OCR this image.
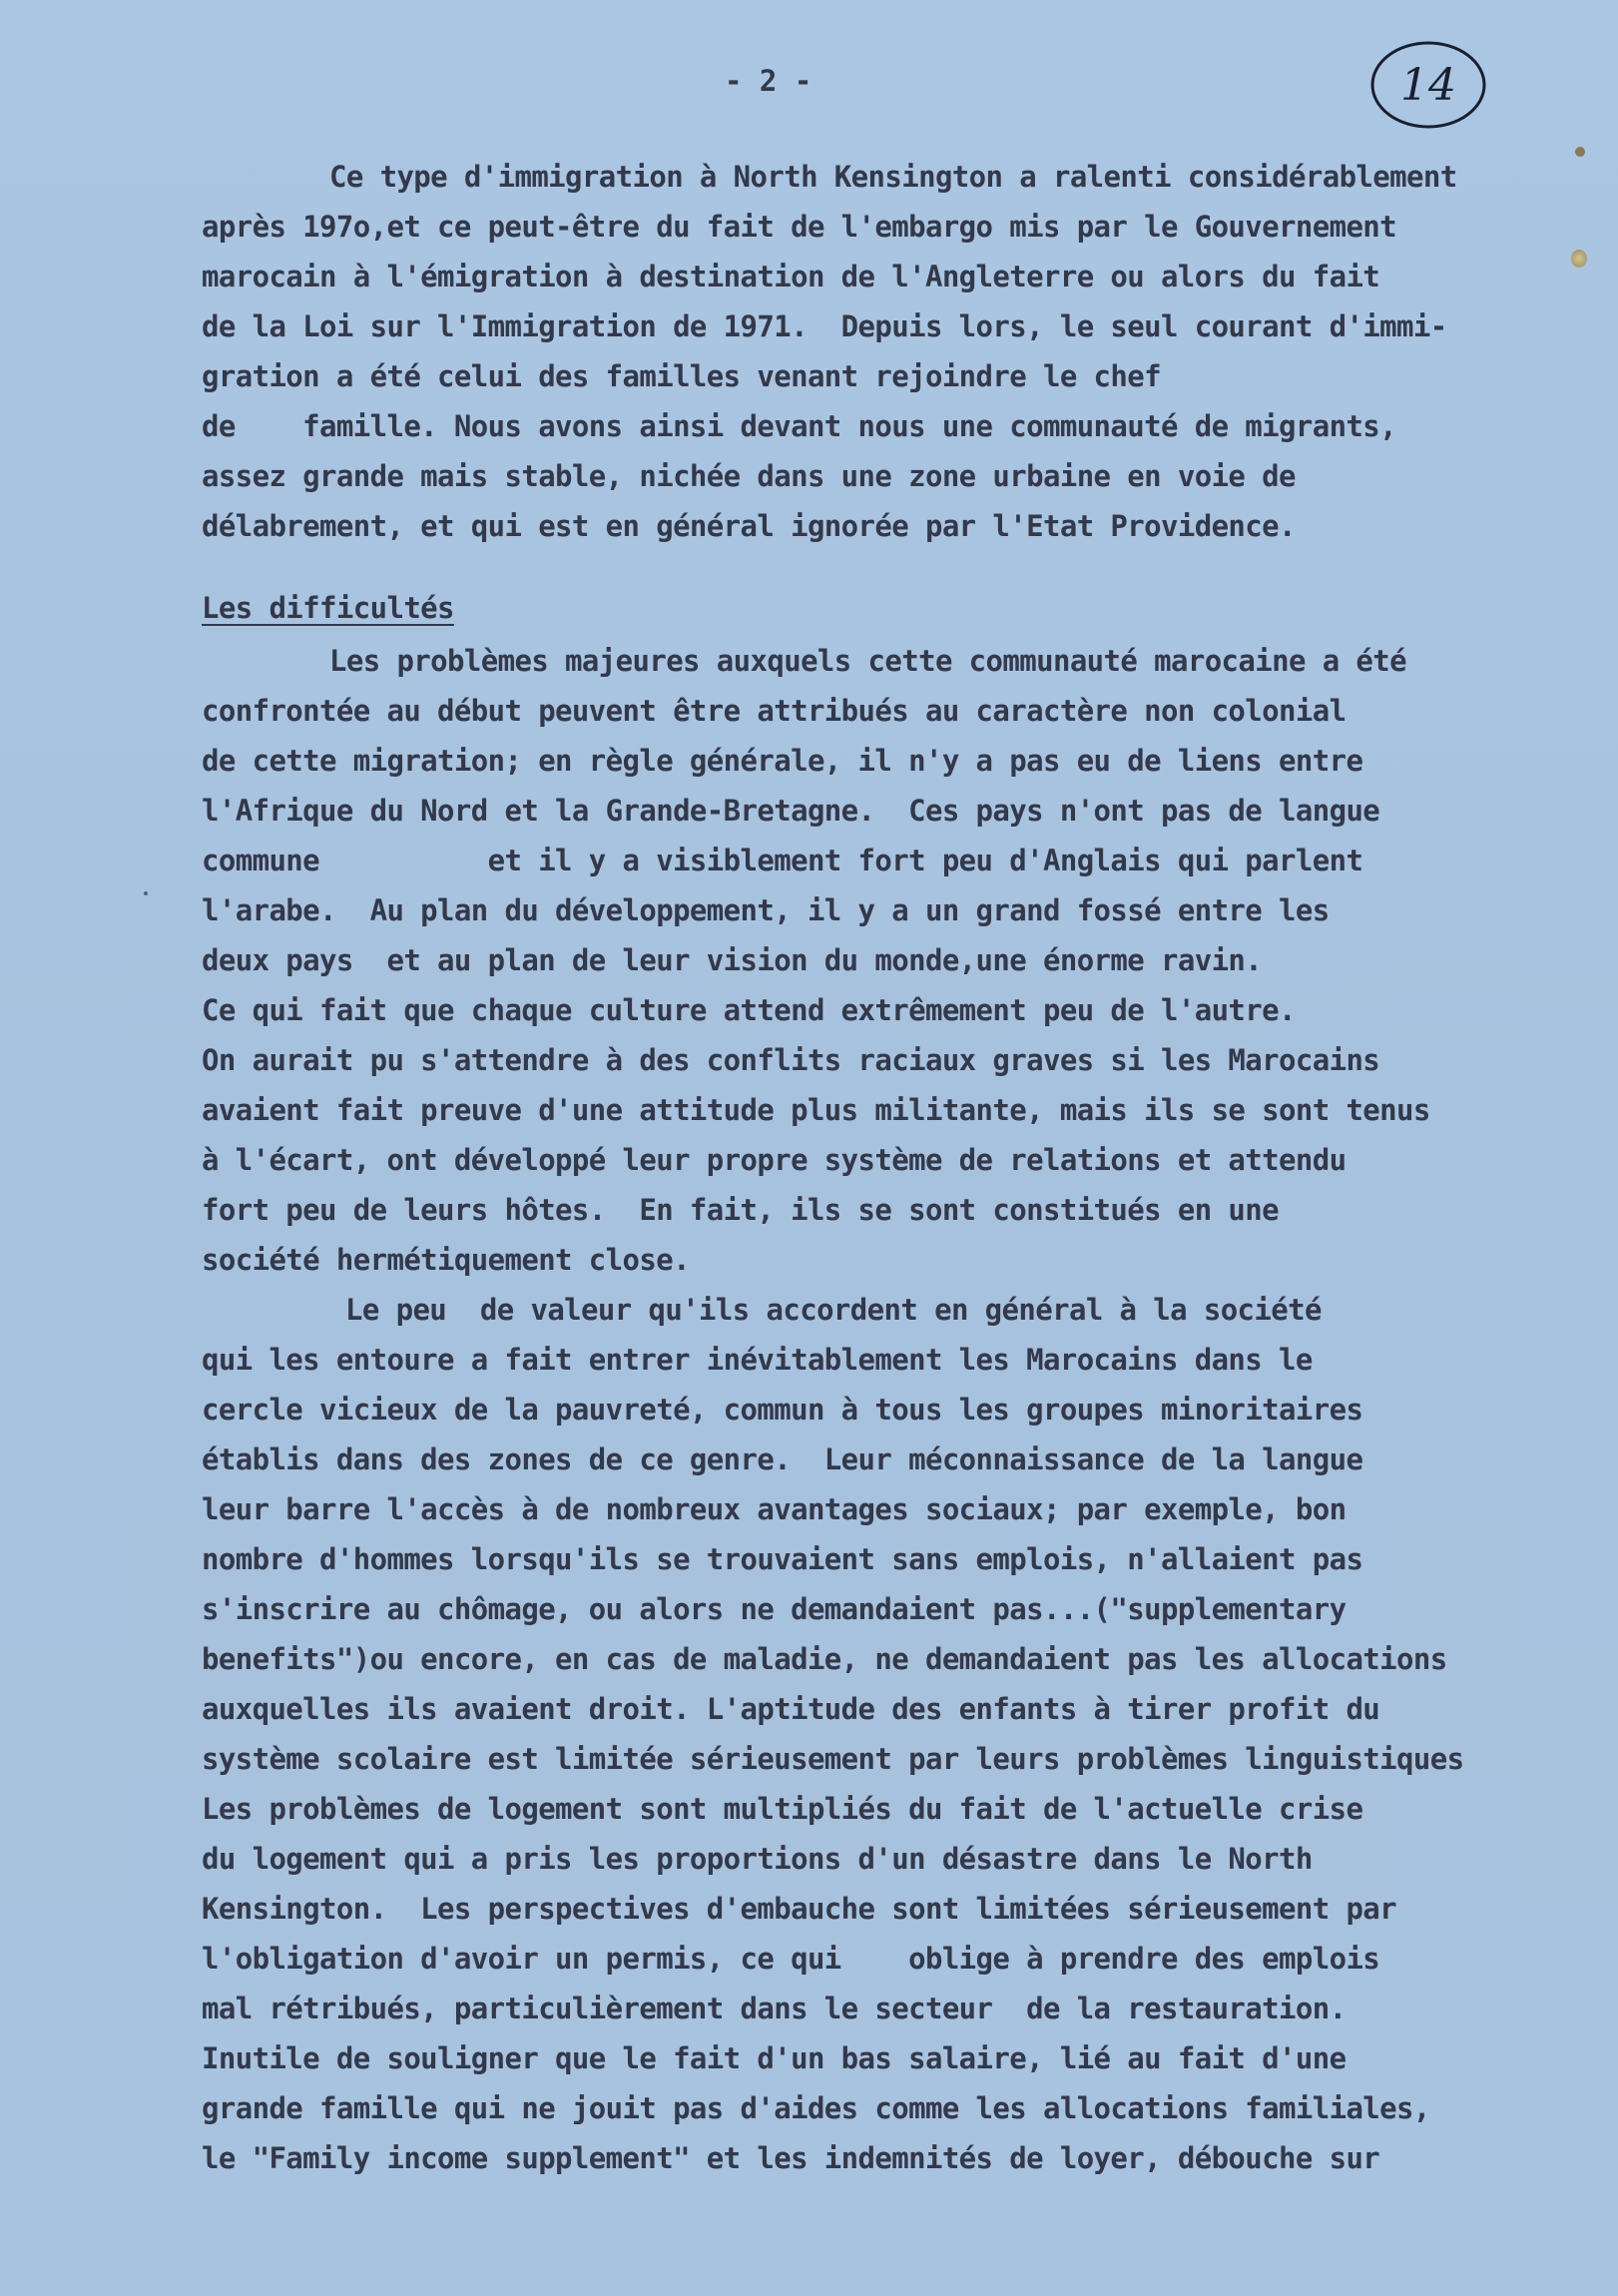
- 2 -	14
Ce type d'immigration à North Kensington a ralenti considérablement
après 197o,et ce peut-être du fait de l'embargo mis par le Gouvernement
marocain à l'émigration à destination de l'Angleterre ou alors du fait
de la Loi sur l'Immigration de 1971.  Depuis lors, le seul courant d'immi-
gration a été celui des familles venant rejoindre le chef
de    famille. Nous avons ainsi devant nous une communauté de migrants,
assez grande mais stable, nichée dans une zone urbaine en voie de
délabrement, et qui est en général ignorée par l'Etat Providence.
Les difficultés
Les problèmes majeures auxquels cette communauté marocaine a été
confrontée au début peuvent être attribués au caractère non colonial
de cette migration; en règle générale, il n'y a pas eu de liens entre
l'Afrique du Nord et la Grande-Bretagne.  Ces pays n'ont pas de langue
commune          et il y a visiblement fort peu d'Anglais qui parlent
l'arabe.  Au plan du développement, il y a un grand fossé entre les
deux pays  et au plan de leur vision du monde,une énorme ravin.
Ce qui fait que chaque culture attend extrêmement peu de l'autre.
On aurait pu s'attendre à des conflits raciaux graves si les Marocains
avaient fait preuve d'une attitude plus militante, mais ils se sont tenus
à l'écart, ont développé leur propre système de relations et attendu
fort peu de leurs hôtes.  En fait, ils se sont constitués en une
société hermétiquement close.
Le peu  de valeur qu'ils accordent en général à la société
qui les entoure a fait entrer inévitablement les Marocains dans le
cercle vicieux de la pauvreté, commun à tous les groupes minoritaires
établis dans des zones de ce genre.  Leur méconnaissance de la langue
leur barre l'accès à de nombreux avantages sociaux; par exemple, bon
nombre d'hommes lorsqu'ils se trouvaient sans emplois, n'allaient pas
s'inscrire au chômage, ou alors ne demandaient pas...("supplementary
benefits")ou encore, en cas de maladie, ne demandaient pas les allocations
auxquelles ils avaient droit. L'aptitude des enfants à tirer profit du
système scolaire est limitée sérieusement par leurs problèmes linguistiques
Les problèmes de logement sont multipliés du fait de l'actuelle crise
du logement qui a pris les proportions d'un désastre dans le North
Kensington.  Les perspectives d'embauche sont limitées sérieusement par
l'obligation d'avoir un permis, ce qui    oblige à prendre des emplois
mal rétribués, particulièrement dans le secteur  de la restauration.
Inutile de souligner que le fait d'un bas salaire, lié au fait d'une
grande famille qui ne jouit pas d'aides comme les allocations familiales,
le "Family income supplement" et les indemnités de loyer, débouche sur
